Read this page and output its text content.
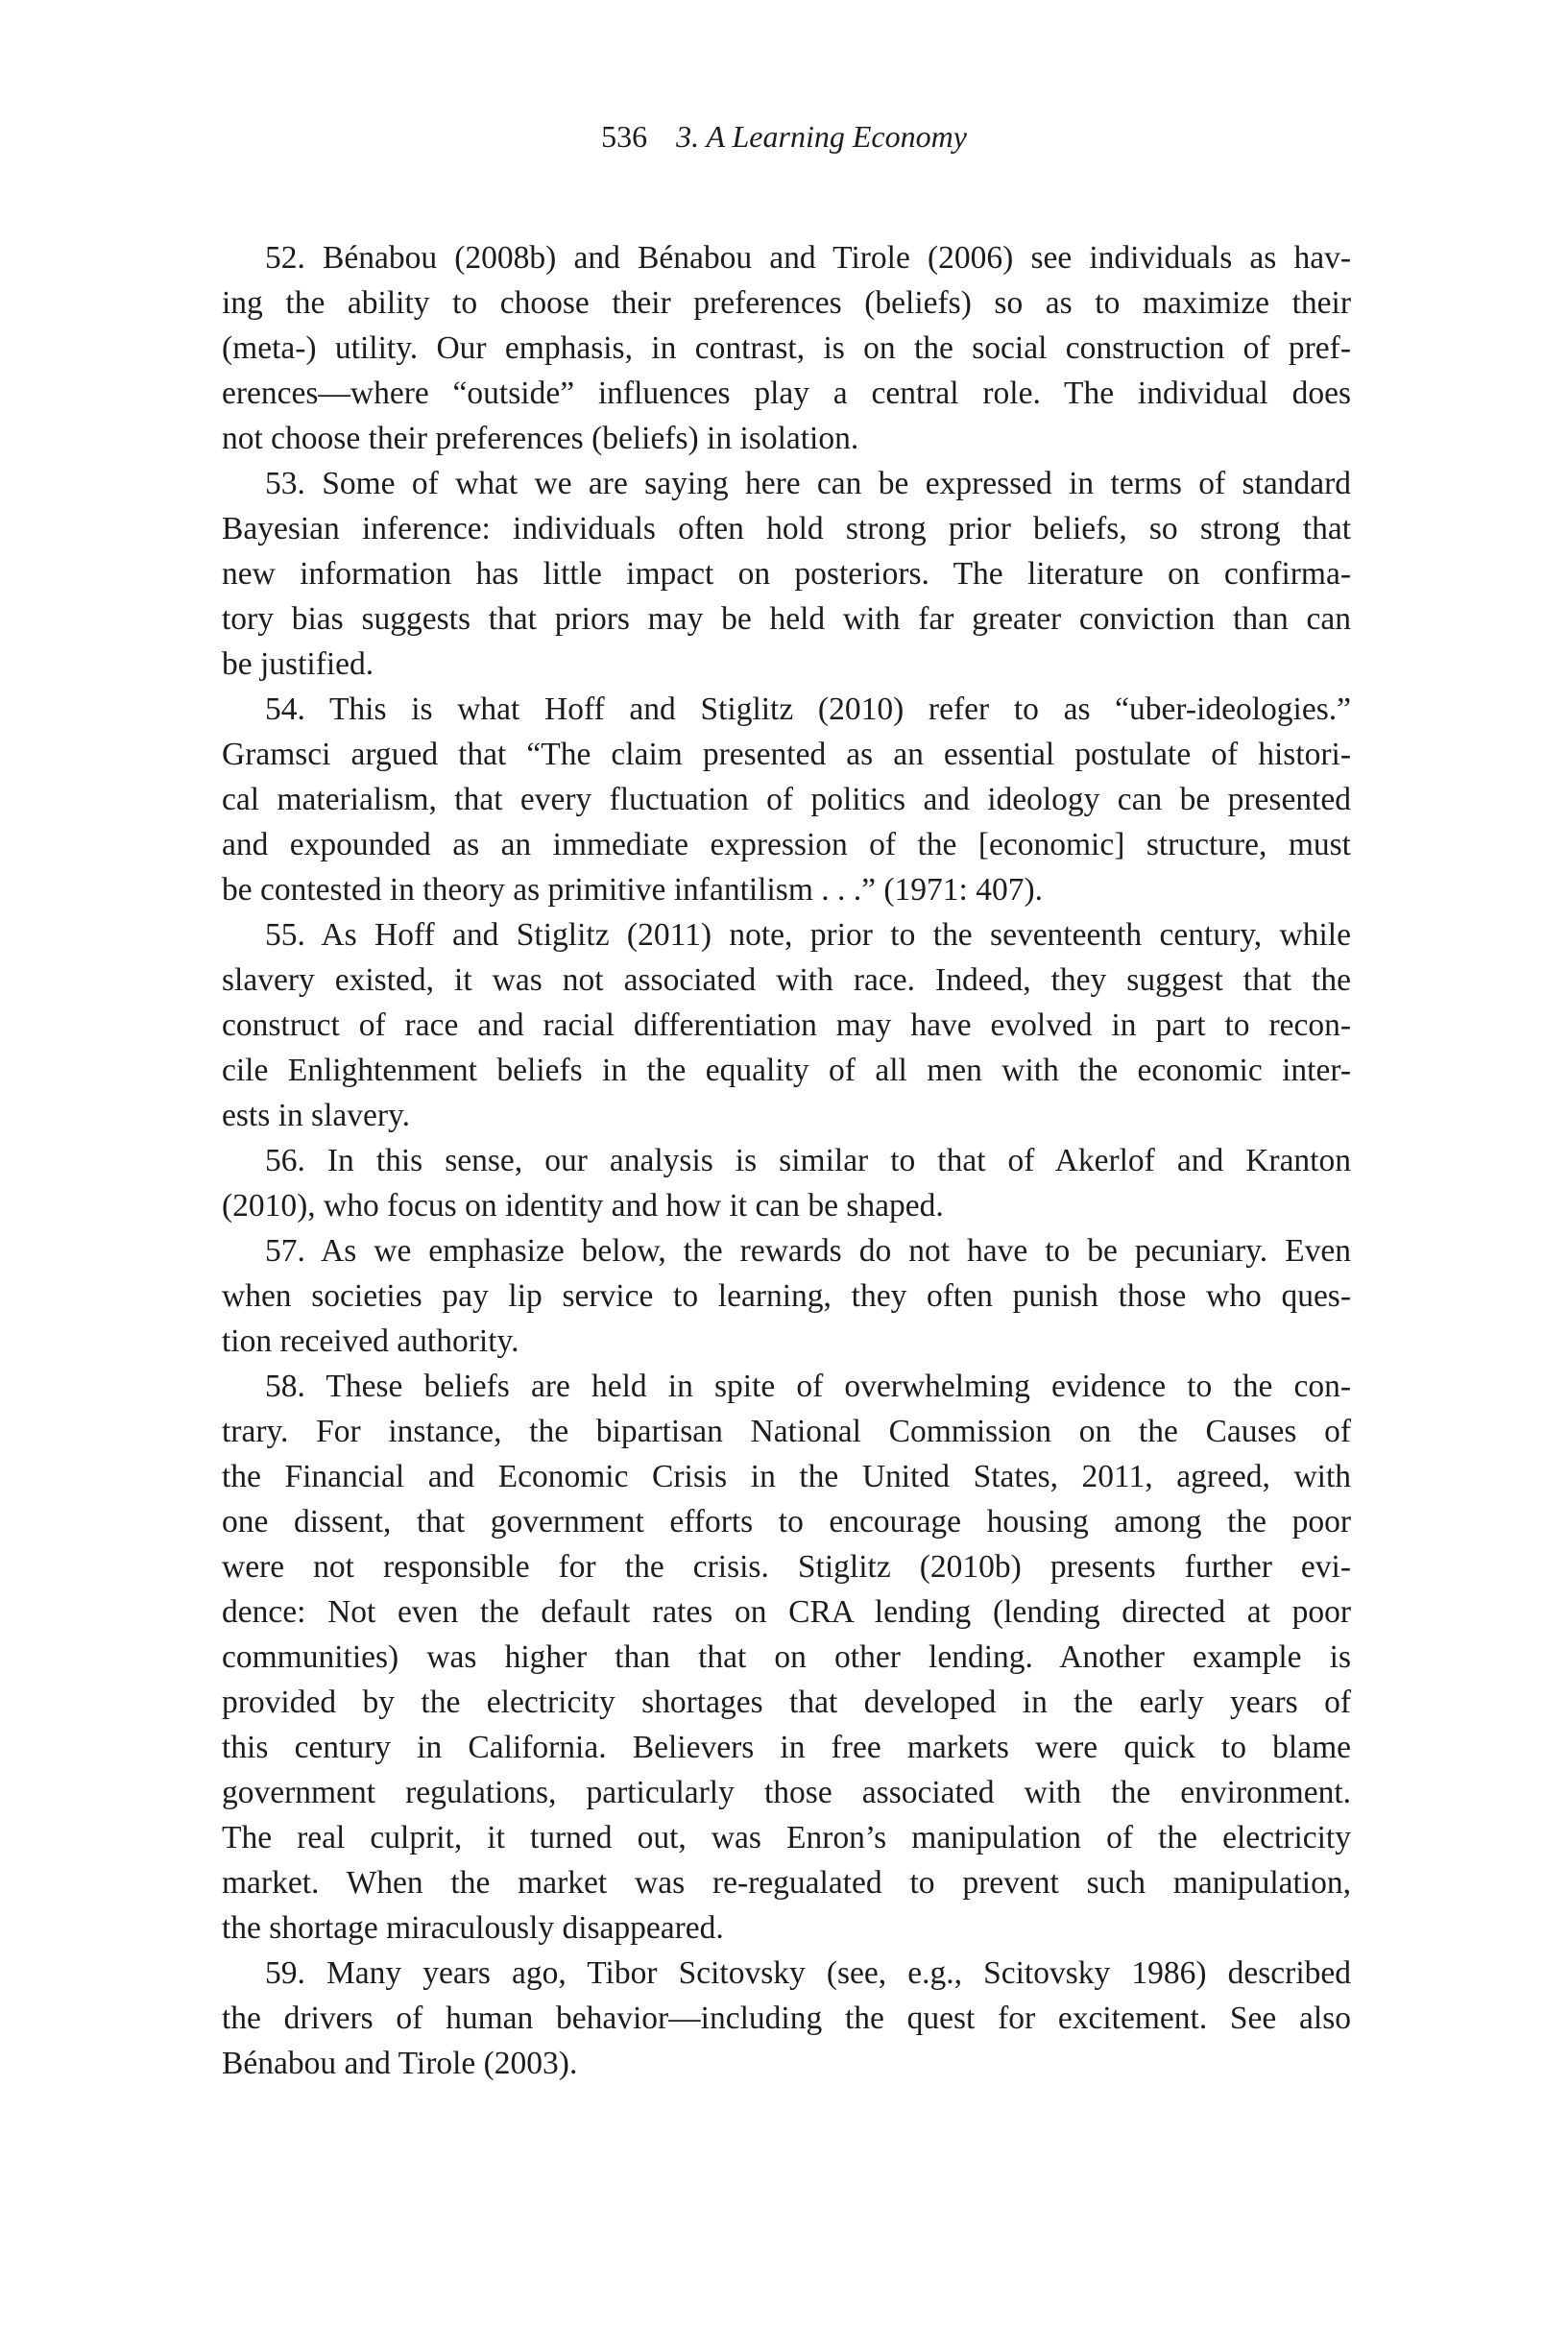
536 3. A Learning Economy
52. Bénabou (2008b) and Bénabou and Tirole (2006) see individuals as hav-
ing the ability to choose their preferences (beliefs) so as to maximize their
(meta-) utility. Our emphasis, in contrast, is on the social construction of pref-
erences—where “outside” influences play a central role. The individual does
not choose their preferences (beliefs) in isolation.
53. Some of what we are saying here can be expressed in terms of standard
Bayesian inference: individuals often hold strong prior beliefs, so strong that
new information has little impact on posteriors. The literature on confirma-
tory bias suggests that priors may be held with far greater conviction than can
be justified.
54. This is what Hoff and Stiglitz (2010) refer to as “uber-ideologies.”
Gramsci argued that “The claim presented as an essential postulate of histori-
cal materialism, that every fluctuation of politics and ideology can be presented
and expounded as an immediate expression of the [economic] structure, must
be contested in theory as primitive infantilism . . .” (1971: 407).
55. As Hoff and Stiglitz (2011) note, prior to the seventeenth century, while
slavery existed, it was not associated with race. Indeed, they suggest that the
construct of race and racial differentiation may have evolved in part to recon-
cile Enlightenment beliefs in the equality of all men with the economic inter-
ests in slavery.
56. In this sense, our analysis is similar to that of Akerlof and Kranton
(2010), who focus on identity and how it can be shaped.
57. As we emphasize below, the rewards do not have to be pecuniary. Even
when societies pay lip service to learning, they often punish those who ques-
tion received authority.
58. These beliefs are held in spite of overwhelming evidence to the con-
trary. For instance, the bipartisan National Commission on the Causes of
the Financial and Economic Crisis in the United States, 2011, agreed, with
one dissent, that government efforts to encourage housing among the poor
were not responsible for the crisis. Stiglitz (2010b) presents further evi-
dence: Not even the default rates on CRA lending (lending directed at poor
communities) was higher than that on other lending. Another example is
provided by the electricity shortages that developed in the early years of
this century in California. Believers in free markets were quick to blame
government regulations, particularly those associated with the environment.
The real culprit, it turned out, was Enron’s manipulation of the electricity
market. When the market was re-regualated to prevent such manipulation,
the shortage miraculously disappeared.
59. Many years ago, Tibor Scitovsky (see, e.g., Scitovsky 1986) described
the drivers of human behavior—including the quest for excitement. See also
Bénabou and Tirole (2003).
